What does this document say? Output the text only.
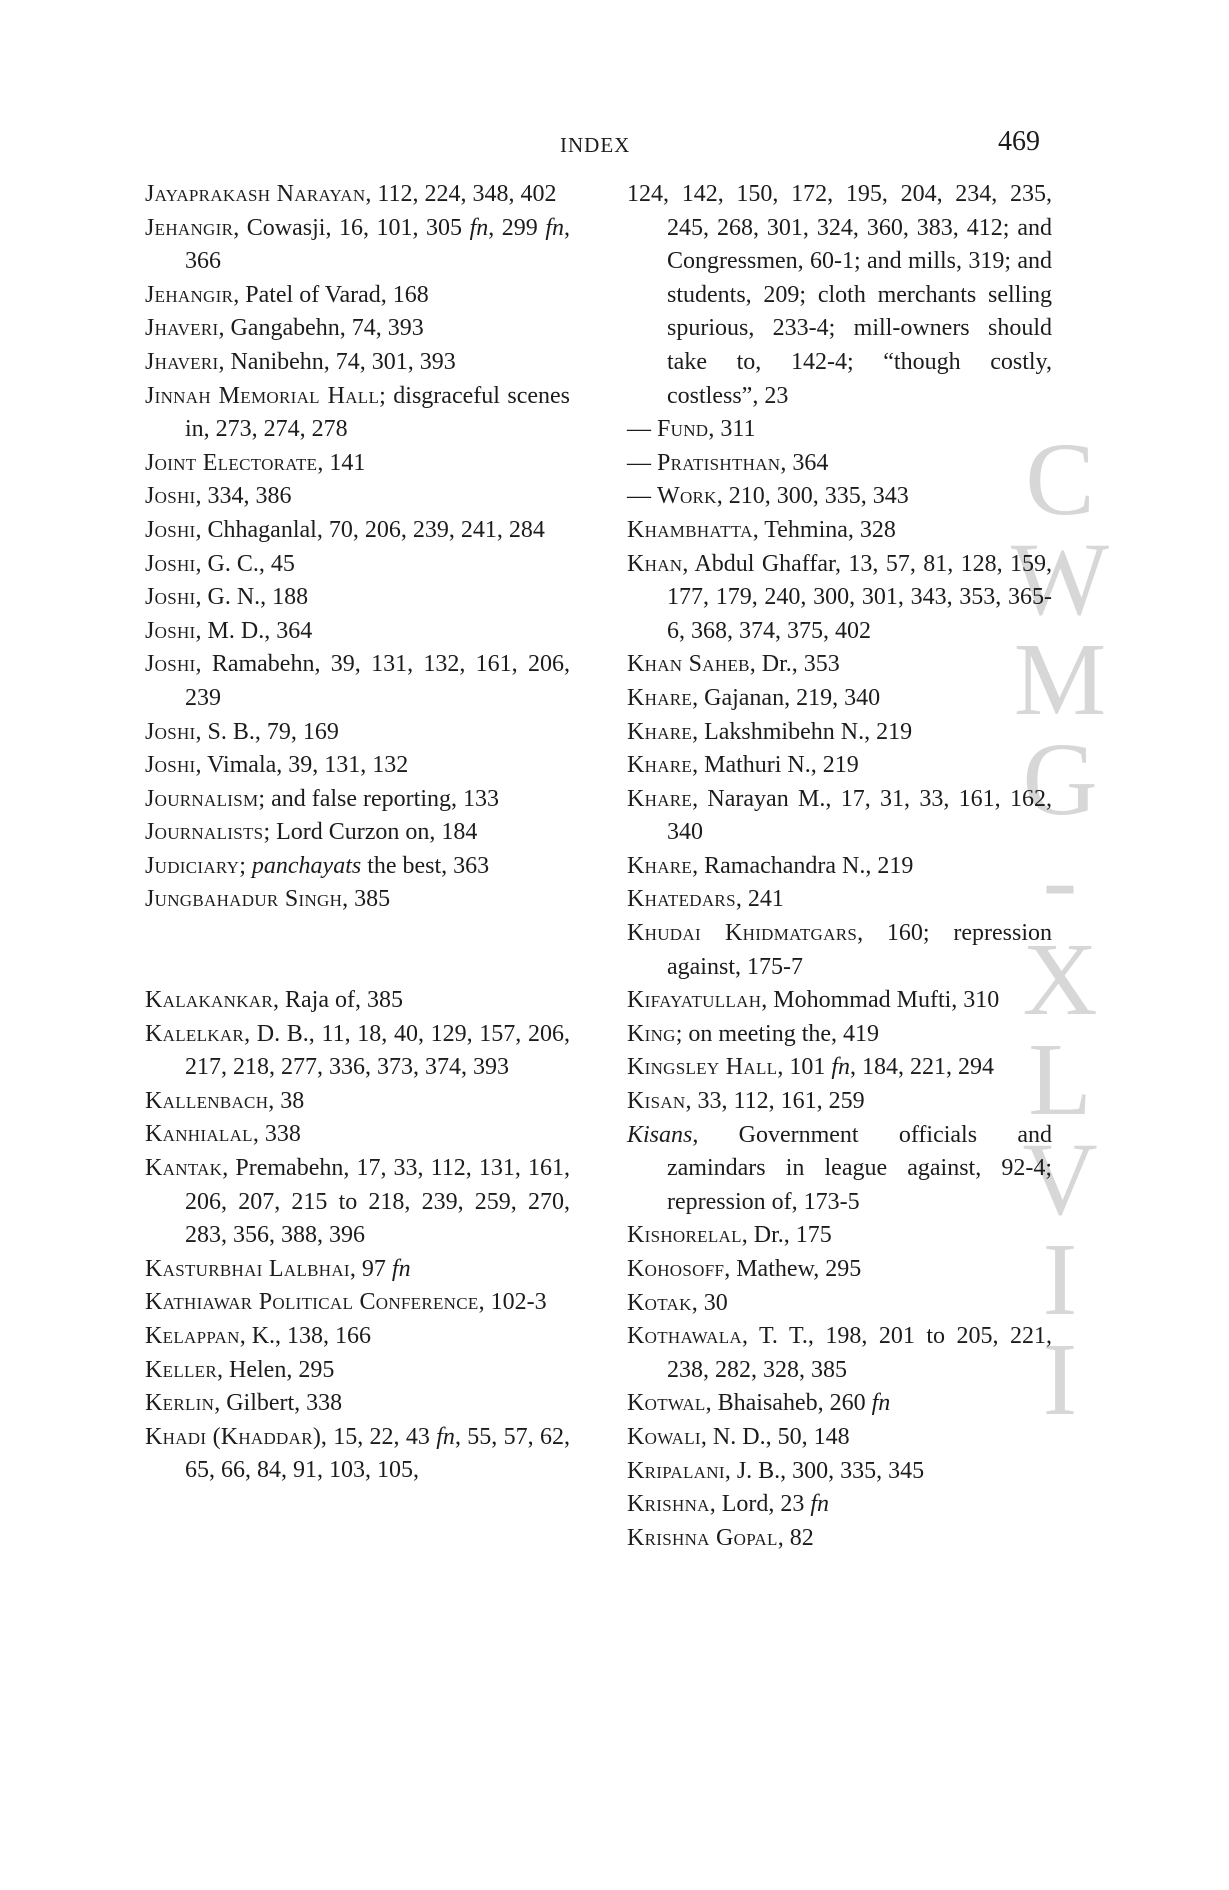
INDEX	469
C
W
M
G
-
X
L
V
I
I
Jayaprakash Narayan, 112, 224, 348, 402
Jehangir, Cowasji, 16, 101, 305 fn, 299 fn, 366
Jehangir, Patel of Varad, 168
Jhaveri, Gangabehn, 74, 393
Jhaveri, Nanibehn, 74, 301, 393
Jinnah Memorial Hall; disgraceful scenes in, 273, 274, 278
Joint Electorate, 141
Joshi, 334, 386
Joshi, Chhaganlal, 70, 206, 239, 241, 284
Joshi, G. C., 45
Joshi, G. N., 188
Joshi, M. D., 364
Joshi, Ramabehn, 39, 131, 132, 161, 206, 239
Joshi, S. B., 79, 169
Joshi, Vimala, 39, 131, 132
Journalism; and false reporting, 133
Journalists; Lord Curzon on, 184
Judiciary; panchayats the best, 363
Jungbahadur Singh, 385
Kalakankar, Raja of, 385
Kalelkar, D. B., 11, 18, 40, 129, 157, 206, 217, 218, 277, 336, 373, 374, 393
Kallenbach, 38
Kanhialal, 338
Kantak, Premabehn, 17, 33, 112, 131, 161, 206, 207, 215 to 218, 239, 259, 270, 283, 356, 388, 396
Kasturbhai Lalbhai, 97 fn
Kathiawar Political Conference, 102-3
Kelappan, K., 138, 166
Keller, Helen, 295
Kerlin, Gilbert, 338
Khadi (Khaddar), 15, 22, 43 fn, 55, 57, 62, 65, 66, 84, 91, 103, 105,
124, 142, 150, 172, 195, 204, 234, 235, 245, 268, 301, 324, 360, 383, 412; and Congressmen, 60-1; and mills, 319; and students, 209; cloth merchants selling spurious, 233-4; mill-owners should take to, 142-4; “though costly, costless”, 23
— Fund, 311
— Pratishthan, 364
— Work, 210, 300, 335, 343
Khambhatta, Tehmina, 328
Khan, Abdul Ghaffar, 13, 57, 81, 128, 159, 177, 179, 240, 300, 301, 343, 353, 365-6, 368, 374, 375, 402
Khan Saheb, Dr., 353
Khare, Gajanan, 219, 340
Khare, Lakshmibehn N., 219
Khare, Mathuri N., 219
Khare, Narayan M., 17, 31, 33, 161, 162, 340
Khare, Ramachandra N., 219
Khatedars, 241
Khudai Khidmatgars, 160; repression against, 175-7
Kifayatullah, Mohommad Mufti, 310
King; on meeting the, 419
Kingsley Hall, 101 fn, 184, 221, 294
Kisan, 33, 112, 161, 259
Kisans, Government officials and zamindars in league against, 92-4; repression of, 173-5
Kishorelal, Dr., 175
Kohosoff, Mathew, 295
Kotak, 30
Kothawala, T. T., 198, 201 to 205, 221, 238, 282, 328, 385
Kotwal, Bhaisaheb, 260 fn
Kowali, N. D., 50, 148
Kripalani, J. B., 300, 335, 345
Krishna, Lord, 23 fn
Krishna Gopal, 82
